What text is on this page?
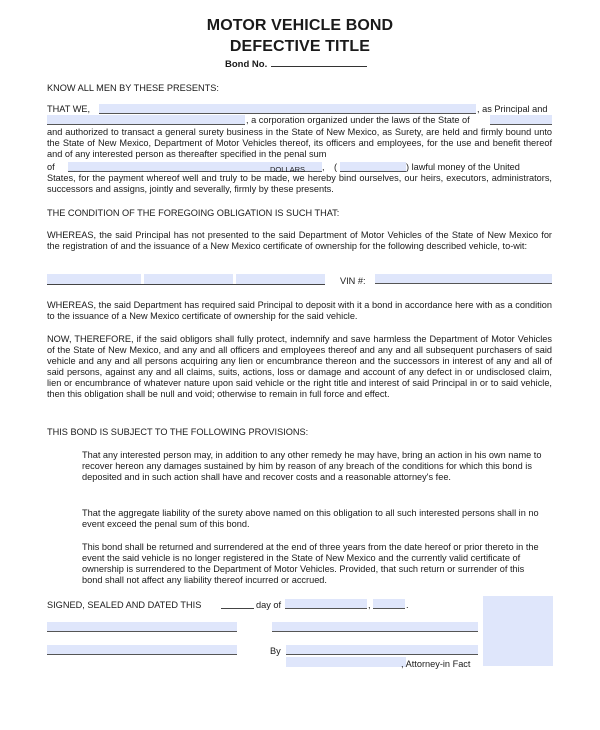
MOTOR VEHICLE BOND
DEFECTIVE TITLE
Bond No.
KNOW ALL MEN BY THESE PRESENTS:
THAT WE,	, as Principal and
, a corporation organized under the laws of the State of
and authorized to transact a general surety business in the State of New Mexico, as Surety, are held and firmly bound unto the State of New Mexico, Department of Motor Vehicles thereof, its officers and employees, for the use and benefit thereof and of any interested person as thereafter specified in the penal sum
of	DOLLARS , (	) lawful money of the United
States, for the payment whereof well and truly to be made, we hereby bind ourselves, our heirs, executors, administrators, successors and assigns, jointly and severally, firmly by these presents.
THE CONDITION OF THE FOREGOING OBLIGATION IS SUCH THAT:
WHEREAS, the said Principal has not presented to the said Department of Motor Vehicles of the State of New Mexico for the registration of and the issuance of a New Mexico certificate of ownership for the following described vehicle, to-wit:
VIN #:
WHEREAS, the said Department has required said Principal to deposit with it a bond in accordance here with as a condition to the issuance of a New Mexico certificate of ownership for the said vehicle.
NOW, THEREFORE, if the said obligors shall fully protect, indemnify and save harmless the Department of Motor Vehicles of the State of New Mexico, and any and all officers and employees thereof and any and all subsequent purchasers of said vehicle and any and all persons acquiring any lien or encumbrance thereon and the successors in interest of any and all of said persons, against any and all claims, suits, actions, loss or damage and account of any defect in or undisclosed claim, lien or encumbrance of whatever nature upon said vehicle or the right title and interest of said Principal in or to said vehicle, then this obligation shall be null and void; otherwise to remain in full force and effect.
THIS BOND IS SUBJECT TO THE FOLLOWING PROVISIONS:
That any interested person may, in addition to any other remedy he may have, bring an action in his own name to recover hereon any damages sustained by him by reason of any breach of the conditions for which this bond is deposited and in such action shall have and recover costs and a reasonable attorney's fee.
That the aggregate liability of the surety above named on this obligation to all such interested persons shall in no event exceed the penal sum of this bond.
This bond shall be returned and surrendered at the end of three years from the date hereof or prior thereto in the event the said vehicle is no longer registered in the State of New Mexico and the currently valid certificate of ownership is surrendered to the Department of Motor Vehicles. Provided, that such return or surrender of this bond shall not affect any liability thereof incurred or accrued.
SIGNED, SEALED AND DATED THIS	day of	,	.
By
, Attorney-in Fact
